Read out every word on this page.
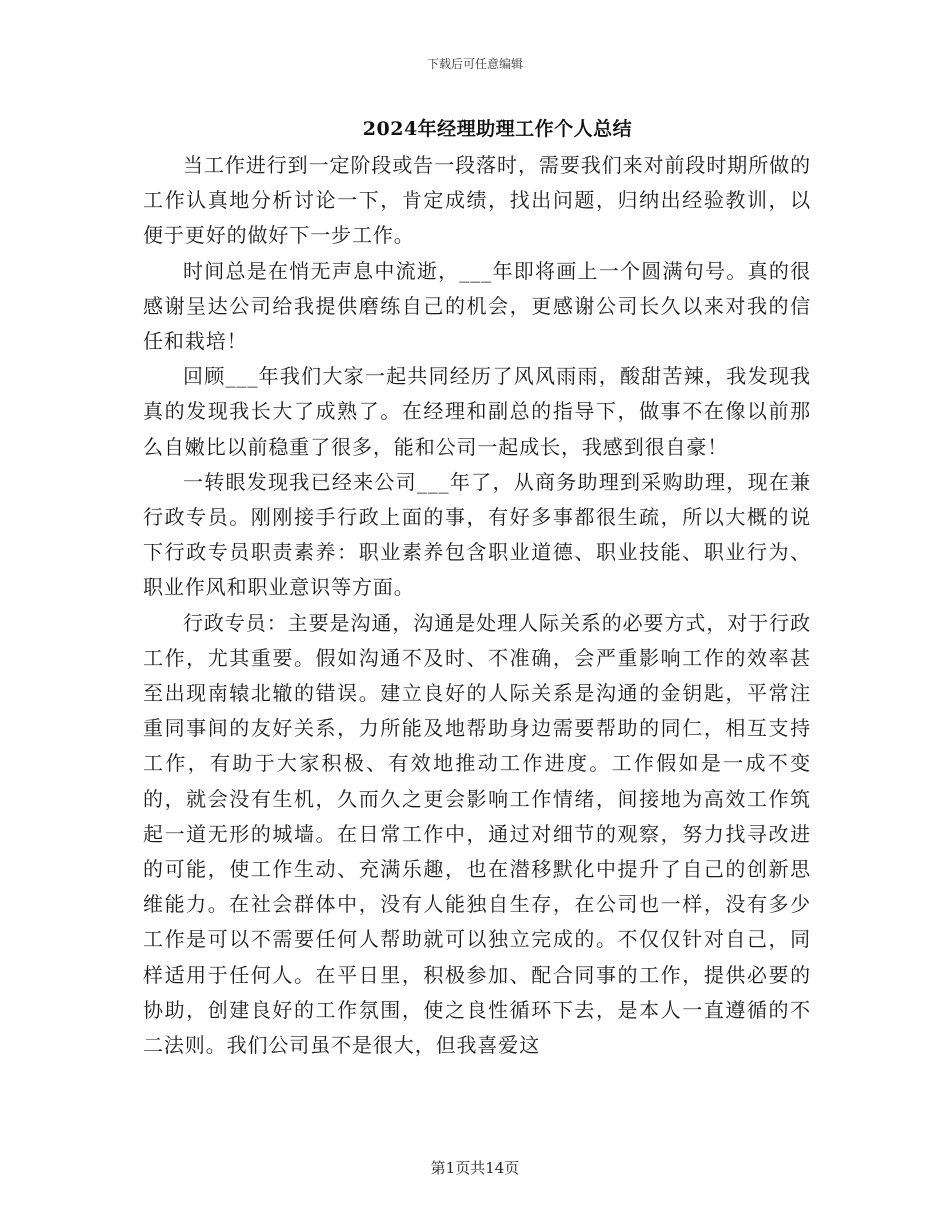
下载后可任意编辑
2024年经理助理工作个人总结

当工作进行到一定阶段或告一段落时，需要我们来对前段时期所做的工作认真地分析讨论一下，肯定成绩，找出问题，归纳出经验教训，以便于更好的做好下一步工作。

时间总是在悄无声息中流逝，___年即将画上一个圆满句号。真的很感谢呈达公司给我提供磨练自己的机会，更感谢公司长久以来对我的信任和栽培！

回顾___年我们大家一起共同经历了风风雨雨，酸甜苦辣，我发现我真的发现我长大了成熟了。在经理和副总的指导下，做事不在像以前那么自嫩比以前稳重了很多，能和公司一起成长，我感到很自豪！

一转眼发现我已经来公司___年了，从商务助理到采购助理，现在兼行政专员。刚刚接手行政上面的事，有好多事都很生疏，所以大概的说下行政专员职责素养：职业素养包含职业道德、职业技能、职业行为、职业作风和职业意识等方面。

行政专员：主要是沟通，沟通是处理人际关系的必要方式，对于行政工作，尤其重要。假如沟通不及时、不准确，会严重影响工作的效率甚至出现南辕北辙的错误。建立良好的人际关系是沟通的金钥匙，平常注重同事间的友好关系，力所能及地帮助身边需要帮助的同仁，相互支持工作，有助于大家积极、有效地推动工作进度。工作假如是一成不变的，就会没有生机，久而久之更会影响工作情绪，间接地为高效工作筑起一道无形的城墙。在日常工作中，通过对细节的观察，努力找寻改进的可能，使工作生动、充满乐趣，也在潜移默化中提升了自己的创新思维能力。在社会群体中，没有人能独自生存，在公司也一样，没有多少工作是可以不需要任何人帮助就可以独立完成的。不仅仅针对自己，同样适用于任何人。在平日里，积极参加、配合同事的工作，提供必要的协助，创建良好的工作氛围，使之良性循环下去，是本人一直遵循的不二法则。我们公司虽不是很大，但我喜爱这

第1页共14页
